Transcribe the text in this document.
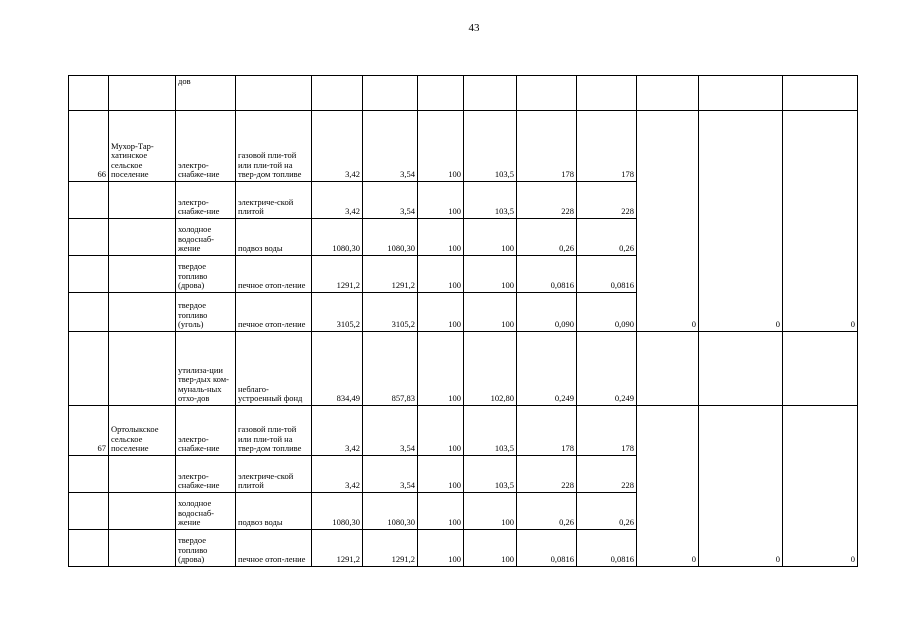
43
		дов										
66	Мухор-Тар-хатинское сельское поселение	электро-снабже-ние	газовой пли-той или пли-той на твер-дом топливе	3,42	3,54	100	103,5	178	178	0	0	0
		электро-снабже-ние	электриче-ской плитой	3,42	3,54	100	103,5	228	228			
		холодное водоснаб-жение	подвоз воды	1080,30	1080,30	100	100	0,26	0,26			
		твердое топливо (дрова)	печное отоп-ление	1291,2	1291,2	100	100	0,0816	0,0816			
		твердое топливо (уголь)	печное отоп-ление	3105,2	3105,2	100	100	0,090	0,090			
		утилиза-ции твер-дых ком-муналь-ных отхо-дов	неблаго-устроенный фонд	834,49	857,83	100	102,80	0,249	0,249			
67	Ортолыкское сельское поселение	электро-снабже-ние	газовой пли-той или пли-той на твер-дом топливе	3,42	3,54	100	103,5	178	178	0	0	0
		электро-снабже-ние	электриче-ской плитой	3,42	3,54	100	103,5	228	228			
		холодное водоснаб-жение	подвоз воды	1080,30	1080,30	100	100	0,26	0,26			
		твердое топливо (дрова)	печное отоп-ление	1291,2	1291,2	100	100	0,0816	0,0816			
